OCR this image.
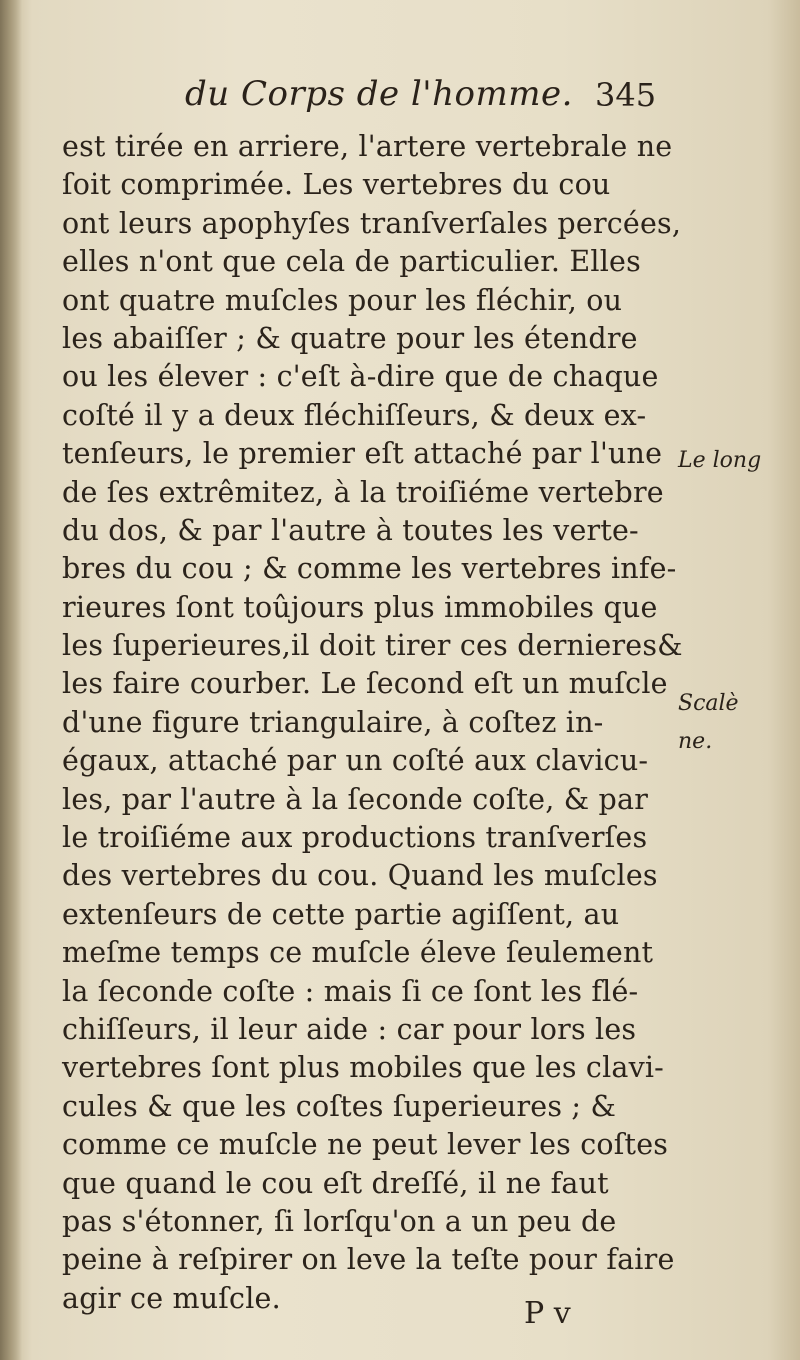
du Corps de l'homme. 345
est tirée en arriere, l'artere vertebrale ne
ſoit comprimée. Les vertebres du cou
ont leurs apophyſes tranſverſales percées,
elles n'ont que cela de particulier. Elles
ont quatre muſcles pour les fléchir, ou
les abaiſſer ; & quatre pour les étendre
ou les élever : c'eſt à-dire que de chaque
coſté il y a deux fléchiſſeurs, & deux ex-
tenſeurs, le premier eſt attaché par l'une
de ſes extrêmitez, à la troiſiéme vertebre
du dos, & par l'autre à toutes les verte-
bres du cou ; & comme les vertebres infe-
rieures ſont toûjours plus immobiles que
les ſuperieures,il doit tirer ces dernieres&
les faire courber. Le ſecond eſt un muſcle
d'une figure triangulaire, à coſtez in-
égaux, attaché par un coſté aux clavicu-
les, par l'autre à la ſeconde coſte, & par
le troiſiéme aux productions tranſverſes
des vertebres du cou. Quand les muſcles
extenſeurs de cette partie agiſſent, au
meſme temps ce muſcle éleve ſeulement
la ſeconde coſte : mais ſi ce ſont les flé-
chiſſeurs, il leur aide : car pour lors les
vertebres ſont plus mobiles que les clavi-
cules & que les coſtes ſuperieures ; &
comme ce muſcle ne peut lever les coſtes
que quand le cou eſt dreſſé, il ne faut
pas s'étonner, ſi lorſqu'on a un peu de
peine à reſpirer on leve la teſte pour faire
agir ce muſcle.
Le long
Scalè
ne.
P v
